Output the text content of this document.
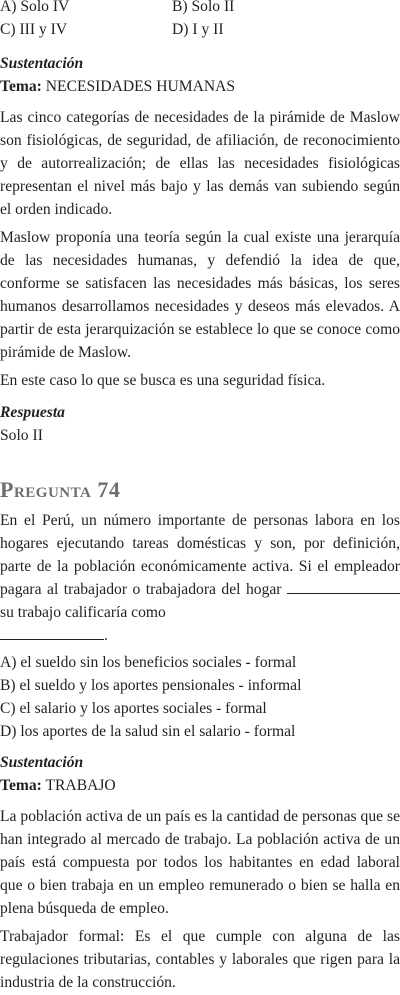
A) Solo IV	B) Solo II
C) III y IV	D) I y II
Sustentación
Tema: NECESIDADES HUMANAS

Las cinco categorías de necesidades de la pirámide de Maslow son fisiológicas, de seguridad, de afiliación, de reconocimiento y de autorrealización; de ellas las necesidades fisiológicas representan el nivel más bajo y las demás van subiendo según el orden indicado.

Maslow proponía una teoría según la cual existe una jerarquía de las necesidades humanas, y defendió la idea de que, conforme se satisfacen las necesidades más básicas, los seres humanos desarrollamos necesidades y deseos más elevados. A partir de esta jerarquización se establece lo que se conoce como pirámide de Maslow.

En este caso lo que se busca es una seguridad física.

Respuesta
Solo II
Pregunta 74

En el Perú, un número importante de personas labora en los hogares ejecutando tareas domésticas y son, por definición, parte de la población económicamente activa. Si el empleador pagara al trabajador o trabajadora del hogar  su trabajo calificaría como
.

A) el sueldo sin los beneficios sociales - formal
B) el sueldo y los aportes pensionales - informal
C) el salario y los aportes sociales - formal
D) los aportes de la salud sin el salario - formal
Sustentación
Tema: TRABAJO

La población activa de un país es la cantidad de personas que se han integrado al mercado de trabajo. La población activa de un país está compuesta por todos los habitantes en edad laboral que o bien trabaja en un empleo remunerado o bien se halla en plena búsqueda de empleo.

Trabajador formal: Es el que cumple con alguna de las regulaciones tributarias, contables y laborales que rigen para la industria de la construcción.
